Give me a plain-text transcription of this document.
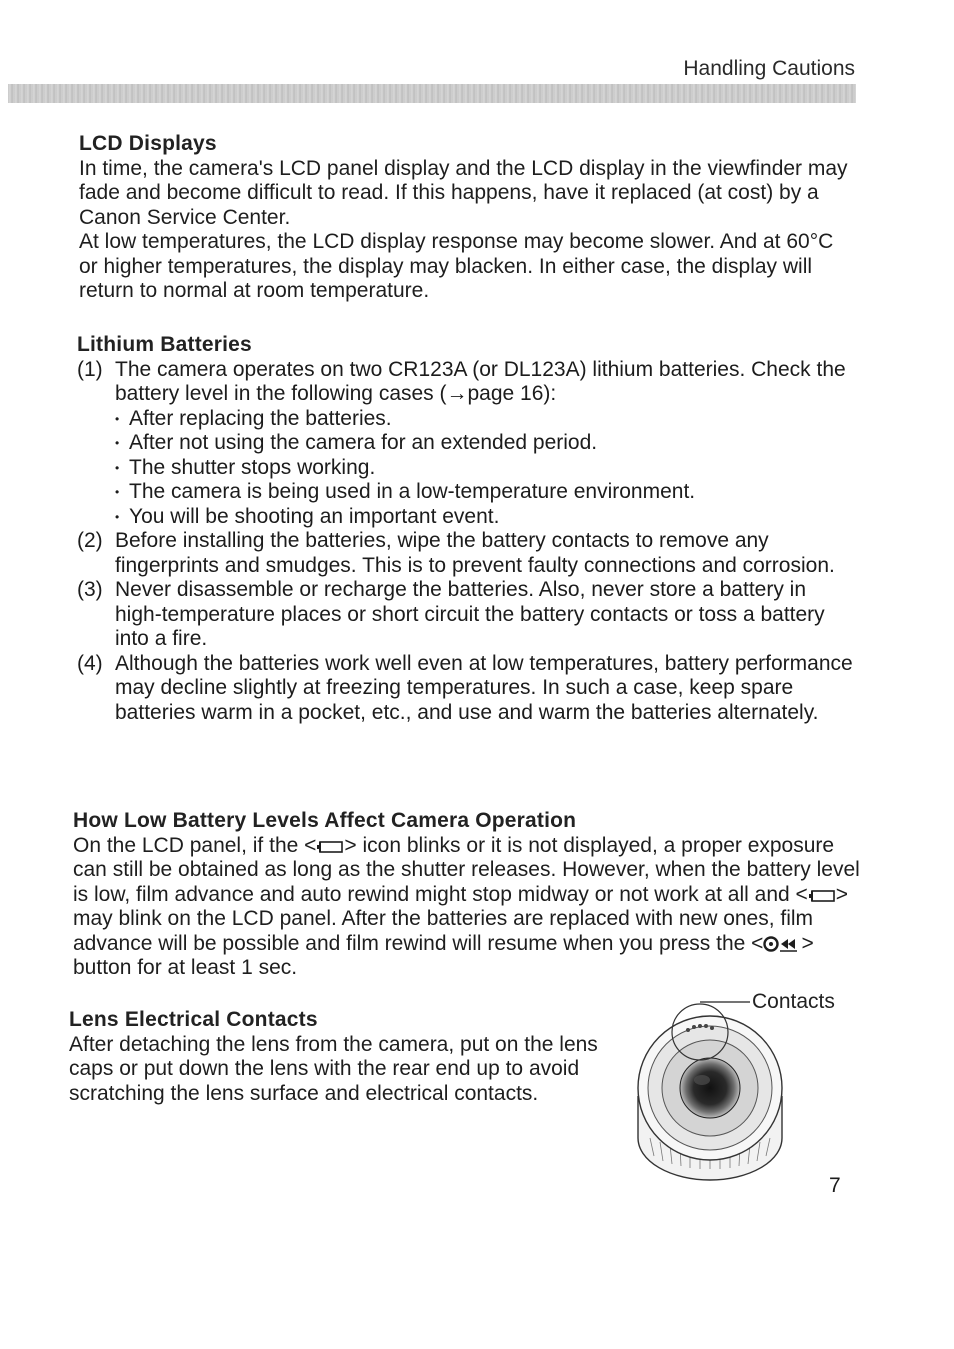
Handling Cautions
LCD Displays

In time, the camera's LCD panel display and the LCD display in the viewfinder may fade and become difficult to read. If this happens, have it replaced (at cost) by a Canon Service Center.

At low temperatures, the LCD display response may become slower. And at 60°C or higher temperatures, the display may blacken. In either case, the display will return to normal at room temperature.

Lithium Batteries
(1) The camera operates on two CR123A (or DL123A) lithium batteries. Check the battery level in the following cases (→page 16):

• After replacing the batteries.
• After not using the camera for an extended period.
• The shutter stops working.
• The camera is being used in a low-temperature environment.
• You will be shooting an important event.
(2) Before installing the batteries, wipe the battery contacts to remove any fingerprints and smudges. This is to prevent faulty connections and corrosion.

(3) Never disassemble or recharge the batteries. Also, never store a battery in high-temperature places or short circuit the battery contacts or toss a battery into a fire.

(4) Although the batteries work well even at low temperatures, battery performance may decline slightly at freezing temperatures. In such a case, keep spare batteries warm in a pocket, etc., and use and warm the batteries alternately.

How Low Battery Levels Affect Camera Operation

On the LCD panel, if the < > icon blinks or it is not displayed, a proper exposure can still be obtained as long as the shutter releases. However, when the battery level is low, film advance and auto rewind might stop midway or not work at all and < > may blink on the LCD panel. After the batteries are replaced with new ones, film advance will be possible and film rewind will resume when you press the < > button for at least 1 sec.

Lens Electrical Contacts

After detaching the lens from the camera, put on the lens caps or put down the lens with the rear end up to avoid scratching the lens surface and electrical contacts.

Contacts
7
